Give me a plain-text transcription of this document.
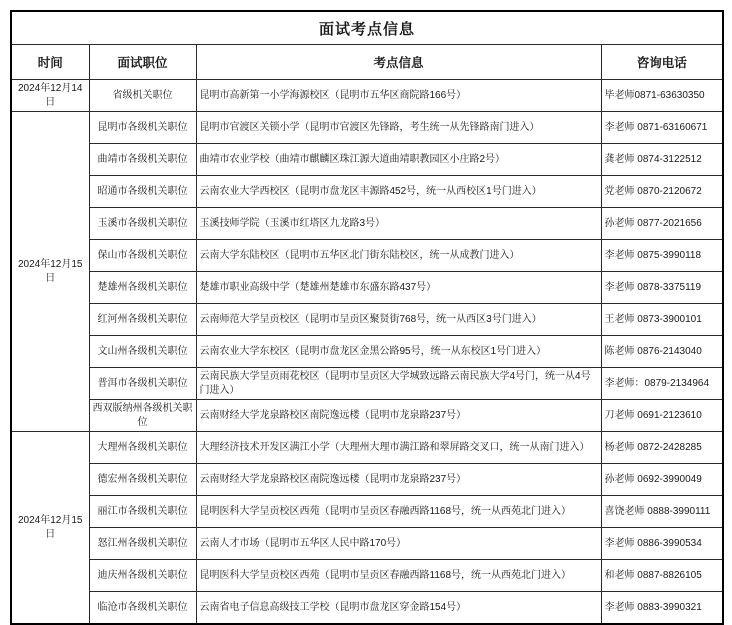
面试考点信息			
时间	面试职位	考点信息	咨询电话
2024年12月14日	省级机关职位	昆明市高新第一小学海源校区（昆明市五华区商院路166号）	毕老师0871-63630350
2024年12月15日	昆明市各级机关职位	昆明市官渡区关锁小学（昆明市官渡区先锋路，考生统一从先锋路南门进入）	李老师 0871-63160671
	曲靖市各级机关职位	曲靖市农业学校（曲靖市麒麟区珠江源大道曲靖职教园区小庄路2号）	龚老师 0874-3122512
	昭通市各级机关职位	云南农业大学西校区（昆明市盘龙区丰源路452号，统一从西校区1号门进入）	党老师 0870-2120672
	玉溪市各级机关职位	玉溪技师学院（玉溪市红塔区九龙路3号）	孙老师 0877-2021656
	保山市各级机关职位	云南大学东陆校区（昆明市五华区北门街东陆校区，统一从成教门进入）	李老师 0875-3990118
	楚雄州各级机关职位	楚雄市职业高级中学（楚雄州楚雄市东盛东路437号）	李老师 0878-3375119
	红河州各级机关职位	云南师范大学呈贡校区（昆明市呈贡区聚贤街768号，统一从西区3号门进入）	王老师 0873-3900101
	文山州各级机关职位	云南农业大学东校区（昆明市盘龙区金黑公路95号，统一从东校区1号门进入）	陈老师 0876-2143040
	普洱市各级机关职位	云南民族大学呈贡雨花校区（昆明市呈贡区大学城致远路云南民族大学4号门，统一从4号门进入）	李老师：0879-2134964
	西双版纳州各级机关职位	云南财经大学龙泉路校区南院逸远楼（昆明市龙泉路237号）	刀老师 0691-2123610
2024年12月15日	大理州各级机关职位	大理经济技术开发区满江小学（大理州大理市满江路和翠屏路交叉口，统一从南门进入）	杨老师 0872-2428285
	德宏州各级机关职位	云南财经大学龙泉路校区南院逸远楼（昆明市龙泉路237号）	孙老师 0692-3990049
	丽江市各级机关职位	昆明医科大学呈贡校区西苑（昆明市呈贡区春融西路1168号，统一从西苑北门进入）	喜饶老师 0888-3990111
	怒江州各级机关职位	云南人才市场（昆明市五华区人民中路170号）	李老师 0886-3990534
	迪庆州各级机关职位	昆明医科大学呈贡校区西苑（昆明市呈贡区春融西路1168号，统一从西苑北门进入）	和老师 0887-8826105
	临沧市各级机关职位	云南省电子信息高级技工学校（昆明市盘龙区穿金路154号）	李老师 0883-3990321
